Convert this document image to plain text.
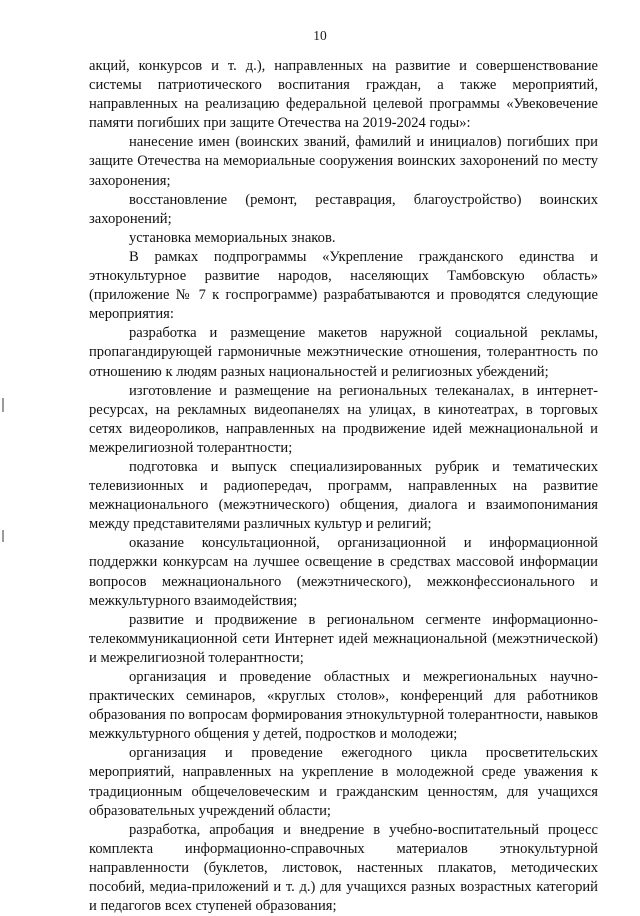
10

акций, конкурсов и т. д.), направленных на развитие и совершенствование системы патриотического воспитания граждан, а также мероприятий, направленных на реализацию федеральной целевой программы «Увековечение памяти погибших при защите Отечества на 2019-2024 годы»:

нанесение имен (воинских званий, фамилий и инициалов) погибших при защите Отечества на мемориальные сооружения воинских захоронений по месту захоронения;

восстановление (ремонт, реставрация, благоустройство) воинских захоронений;

установка мемориальных знаков.

В рамках подпрограммы «Укрепление гражданского единства и этнокультурное развитие народов, населяющих Тамбовскую область» (приложение № 7 к госпрограмме) разрабатываются и проводятся следующие мероприятия:

разработка и размещение макетов наружной социальной рекламы, пропагандирующей гармоничные межэтнические отношения, толерантность по отношению к людям разных национальностей и религиозных убеждений;

изготовление и размещение на региональных телеканалах, в интернет-ресурсах, на рекламных видеопанелях на улицах, в кинотеатрах, в торговых сетях видеороликов, направленных на продвижение идей межнациональной и межрелигиозной толерантности;

подготовка и выпуск специализированных рубрик и тематических телевизионных и радиопередач, программ, направленных на развитие межнационального (межэтнического) общения, диалога и взаимопонимания между представителями различных культур и религий;

оказание консультационной, организационной и информационной поддержки конкурсам на лучшее освещение в средствах массовой информации вопросов межнационального (межэтнического), межконфессионального и межкультурного взаимодействия;

развитие и продвижение в региональном сегменте информационно-телекоммуникационной сети Интернет идей межнациональной (межэтнической) и межрелигиозной толерантности;

организация и проведение областных и межрегиональных научно-практических семинаров, «круглых столов», конференций для работников образования по вопросам формирования этнокультурной толерантности, навыков межкультурного общения у детей, подростков и молодежи;

организация и проведение ежегодного цикла просветительских мероприятий, направленных на укрепление в молодежной среде уважения к традиционным общечеловеческим и гражданским ценностям, для учащихся образовательных учреждений области;

разработка, апробация и внедрение в учебно-воспитательный процесс комплекта информационно-справочных материалов этнокультурной направленности (буклетов, листовок, настенных плакатов, методических пособий, медиа-приложений и т. д.) для учащихся разных возрастных категорий и педагогов всех ступеней образования;
